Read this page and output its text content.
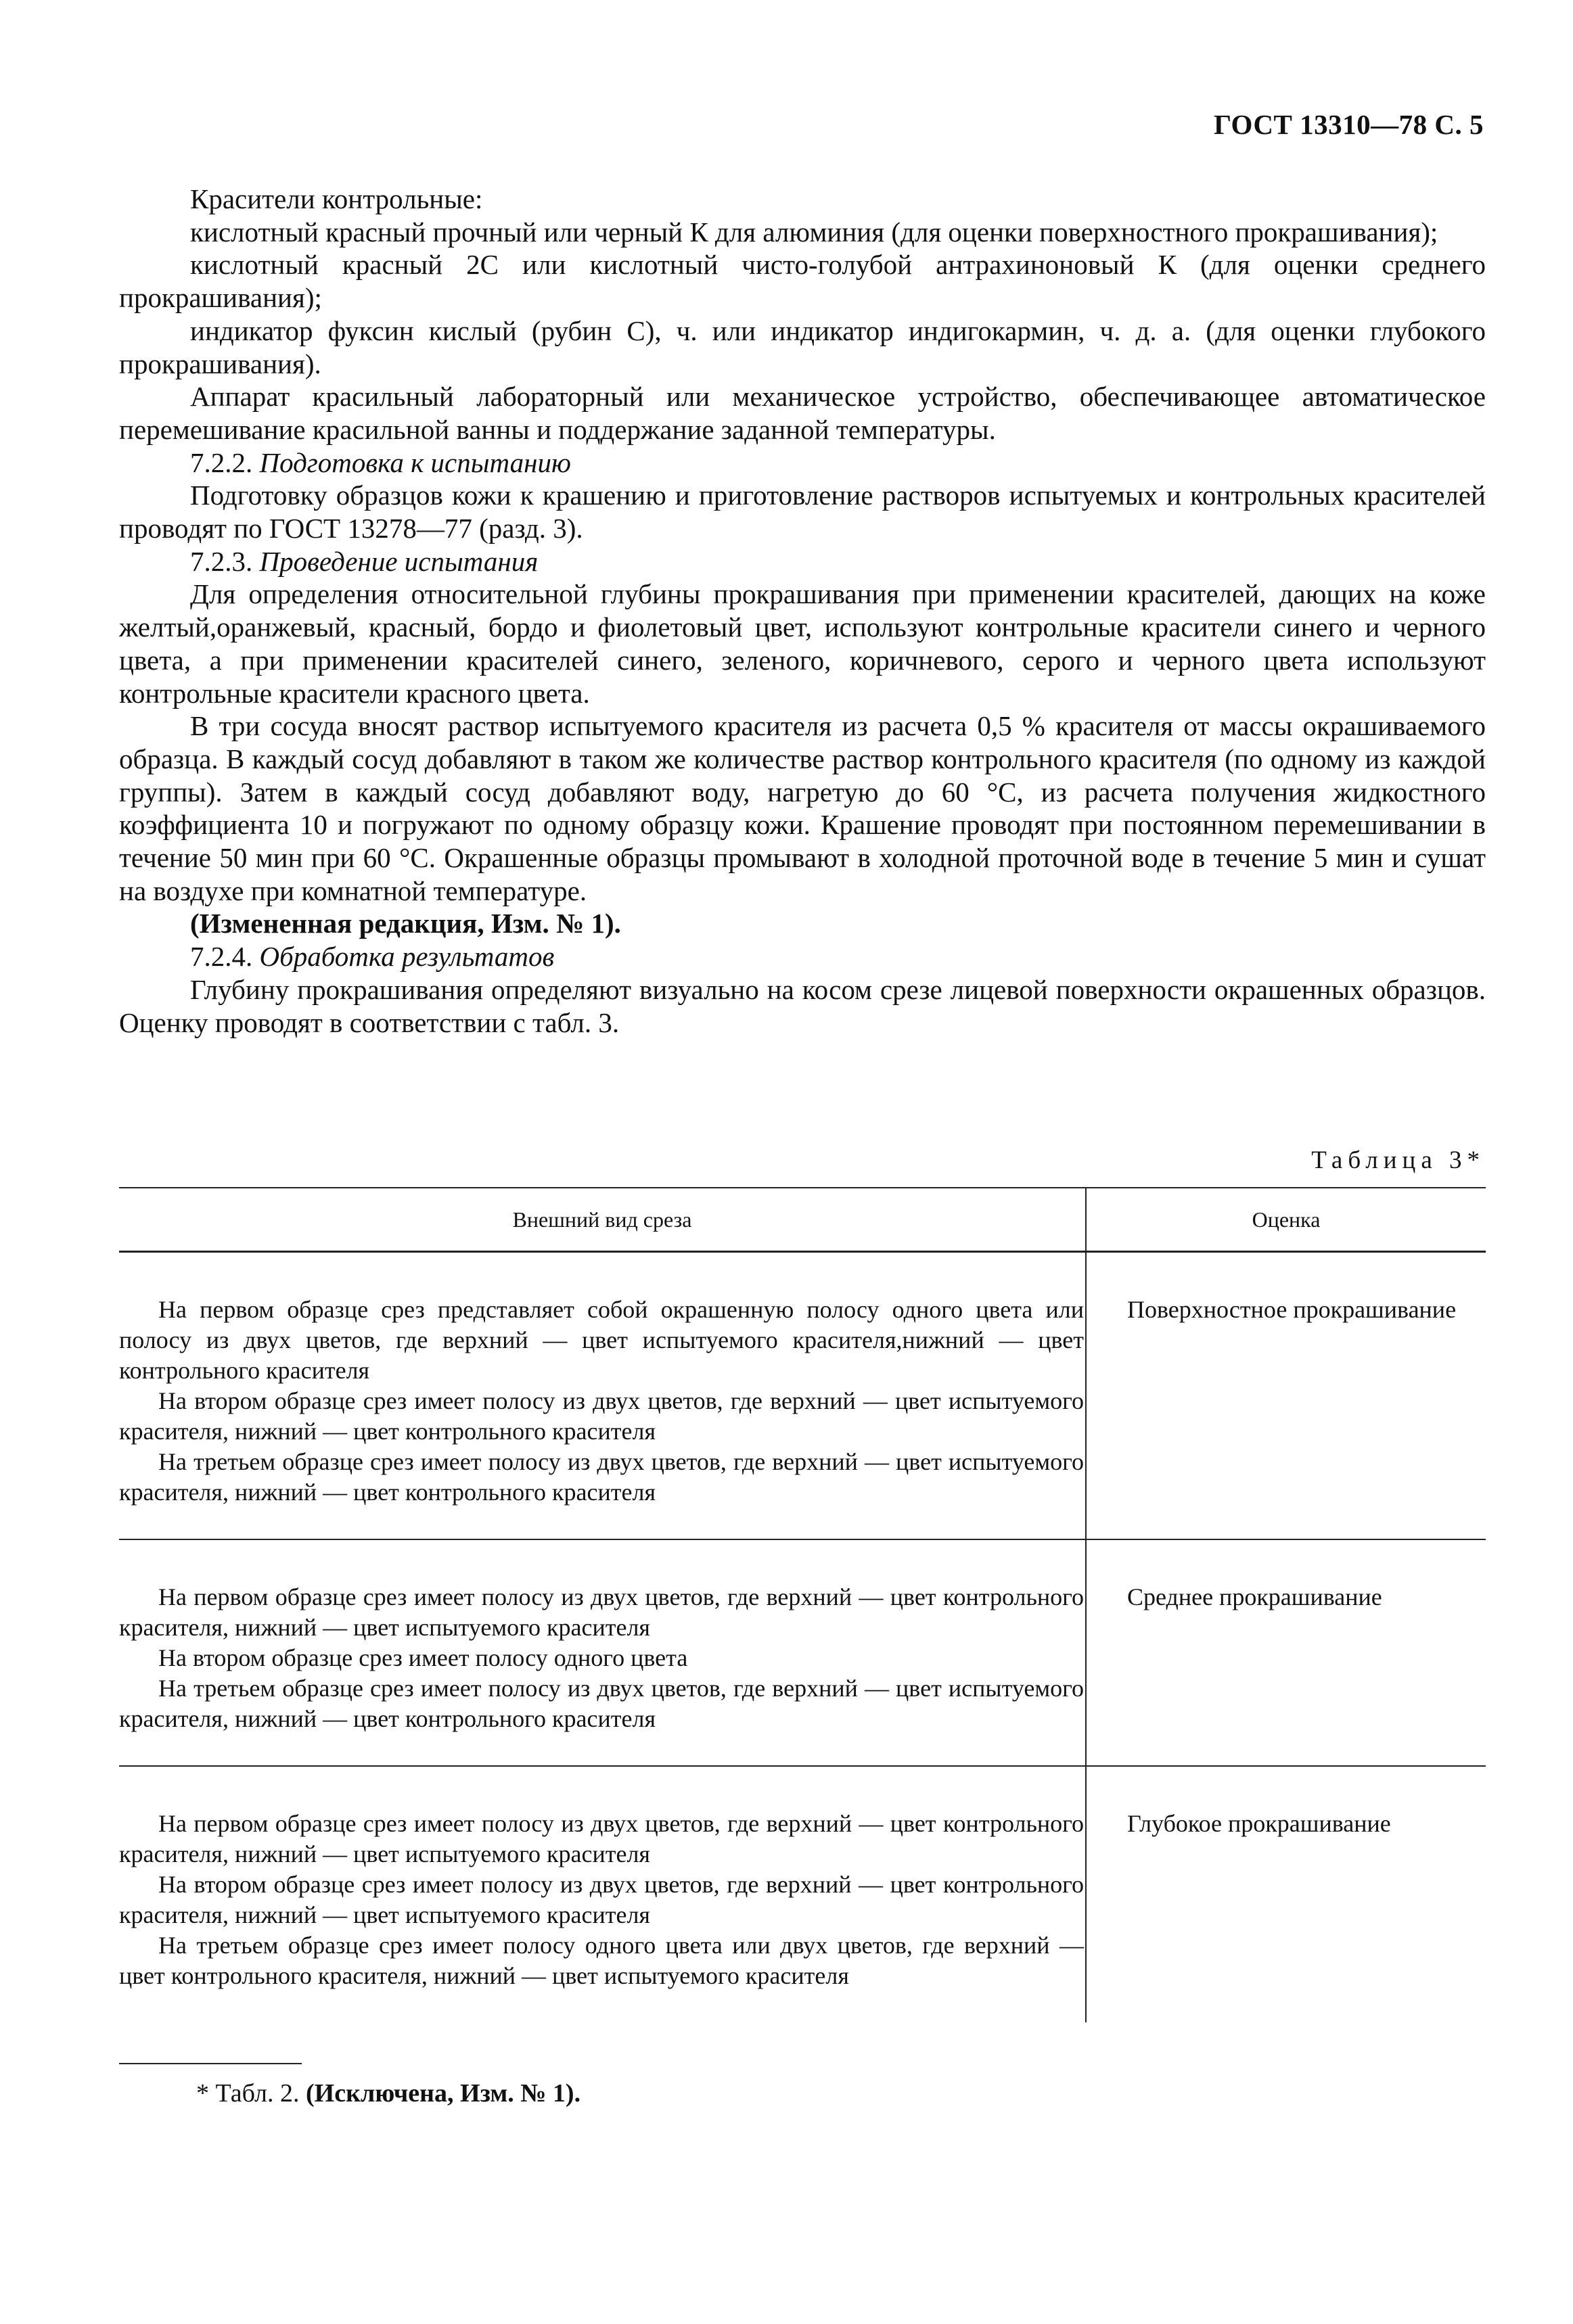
ГОСТ 13310—78 С. 5

Красители контрольные:

кислотный красный прочный или черный К для алюминия (для оценки поверхностного прокрашивания);

кислотный красный 2С или кислотный чисто-голубой антрахиноновый К (для оценки среднего прокрашивания);

индикатор фуксин кислый (рубин С), ч. или индикатор индигокармин, ч. д. а. (для оценки глубокого прокрашивания).

Аппарат красильный лабораторный или механическое устройство, обеспечивающее автоматическое перемешивание красильной ванны и поддержание заданной температуры.

7.2.2. Подготовка к испытанию

Подготовку образцов кожи к крашению и приготовление растворов испытуемых и контрольных красителей проводят по ГОСТ 13278—77 (разд. 3).

7.2.3. Проведение испытания

Для определения относительной глубины прокрашивания при применении красителей, дающих на коже желтый,оранжевый, красный, бордо и фиолетовый цвет, используют контрольные красители синего и черного цвета, а при применении красителей синего, зеленого, коричневого, серого и черного цвета используют контрольные красители красного цвета.

В три сосуда вносят раствор испытуемого красителя из расчета 0,5 % красителя от массы окрашиваемого образца. В каждый сосуд добавляют в таком же количестве раствор контрольного красителя (по одному из каждой группы). Затем в каждый сосуд добавляют воду, нагретую до 60 °С, из расчета получения жидкостного коэффициента 10 и погружают по одному образцу кожи. Крашение проводят при постоянном перемешивании в течение 50 мин при 60 °С. Окрашенные образцы промывают в холодной проточной воде в течение 5 мин и сушат на воздухе при комнатной температуре.

(Измененная редакция, Изм. № 1).

7.2.4. Обработка результатов

Глубину прокрашивания определяют визуально на косом срезе лицевой поверхности окрашенных образцов. Оценку проводят в соответствии с табл. 3.

Таблица 3*
Внешний вид среза	Оценка

На первом образце срез представляет собой окрашенную полосу одного цвета или полосу из двух цветов, где верхний — цвет испытуемого красителя,нижний — цвет контрольного красителя

На втором образце срез имеет полосу из двух цветов, где верхний — цвет испытуемого красителя, нижний — цвет контрольного красителя

На третьем образце срез имеет полосу из двух цветов, где верхний — цвет испытуемого красителя, нижний — цвет контрольного красителя	Поверхностное прокрашивание

На первом образце срез имеет полосу из двух цветов, где верхний — цвет контрольного красителя, нижний — цвет испытуемого красителя

На втором образце срез имеет полосу одного цвета

На третьем образце срез имеет полосу из двух цветов, где верхний — цвет испытуемого красителя, нижний — цвет контрольного красителя	Среднее прокрашивание

На первом образце срез имеет полосу из двух цветов, где верхний — цвет контрольного красителя, нижний — цвет испытуемого красителя

На втором образце срез имеет полосу из двух цветов, где верхний — цвет контрольного красителя, нижний — цвет испытуемого красителя

На третьем образце срез имеет полосу одного цвета или двух цветов, где верхний — цвет контрольного красителя, нижний — цвет испытуемого красителя	Глубокое прокрашивание
* Табл. 2. (Исключена, Изм. № 1).
